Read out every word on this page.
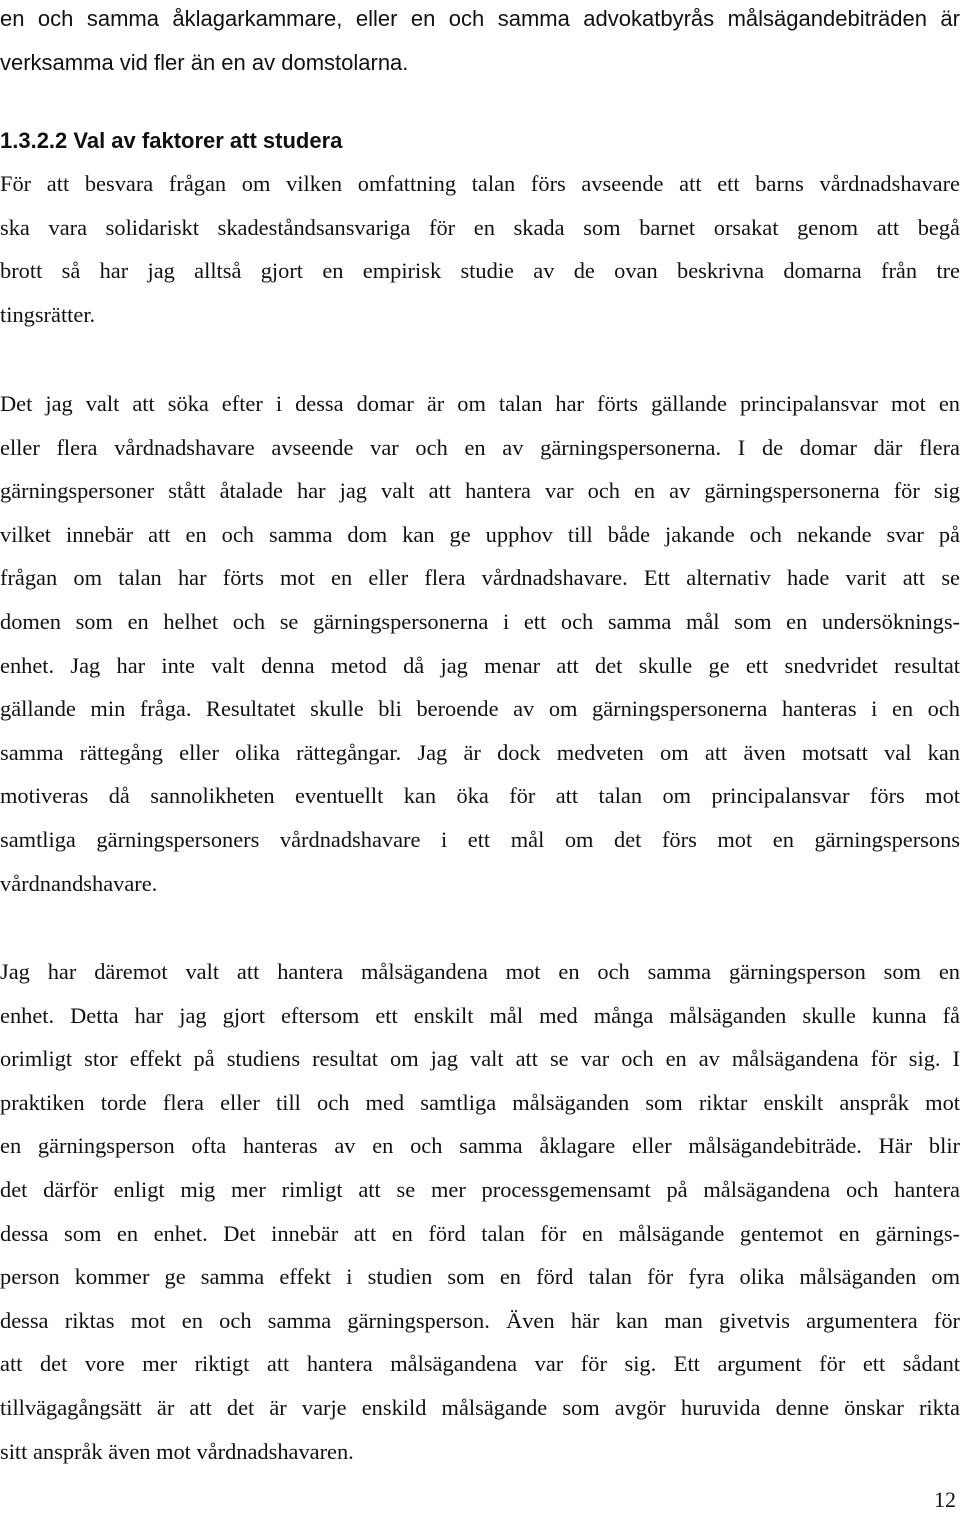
en och samma åklagarkammare, eller en och samma advokatbyrås målsägandebiträden är
verksamma vid fler än en av domstolarna.
1.3.2.2 Val av faktorer att studera
För att besvara frågan om vilken omfattning talan förs avseende att ett barns vårdnadshavare
ska vara solidariskt skadeståndsansvariga för en skada som barnet orsakat genom att begå
brott så har jag alltså gjort en empirisk studie av de ovan beskrivna domarna från tre
tingsrätter.
Det jag valt att söka efter i dessa domar är om talan har förts gällande principalansvar mot en
eller flera vårdnadshavare avseende var och en av gärningspersonerna. I de domar där flera
gärningspersoner stått åtalade har jag valt att hantera var och en av gärningspersonerna för sig
vilket innebär att en och samma dom kan ge upphov till både jakande och nekande svar på
frågan om talan har förts mot en eller flera vårdnadshavare. Ett alternativ hade varit att se
domen som en helhet och se gärningspersonerna i ett och samma mål som en undersöknings-
enhet. Jag har inte valt denna metod då jag menar att det skulle ge ett snedvridet resultat
gällande min fråga. Resultatet skulle bli beroende av om gärningspersonerna hanteras i en och
samma rättegång eller olika rättegångar. Jag är dock medveten om att även motsatt val kan
motiveras då sannolikheten eventuellt kan öka för att talan om principalansvar förs mot
samtliga gärningspersoners vårdnadshavare i ett mål om det förs mot en gärningspersons
vårdnandshavare.
Jag har däremot valt att hantera målsägandena mot en och samma gärningsperson som en
enhet. Detta har jag gjort eftersom ett enskilt mål med många målsäganden skulle kunna få
orimligt stor effekt på studiens resultat om jag valt att se var och en av målsägandena för sig. I
praktiken torde flera eller till och med samtliga målsäganden som riktar enskilt anspråk mot
en gärningsperson ofta hanteras av en och samma åklagare eller målsägandebiträde. Här blir
det därför enligt mig mer rimligt att se mer processgemensamt på målsägandena och hantera
dessa som en enhet. Det innebär att en förd talan för en målsägande gentemot en gärnings-
person kommer ge samma effekt i studien som en förd talan för fyra olika målsäganden om
dessa riktas mot en och samma gärningsperson. Även här kan man givetvis argumentera för
att det vore mer riktigt att hantera målsägandena var för sig. Ett argument för ett sådant
tillvägagångsätt är att det är varje enskild målsägande som avgör huruvida denne önskar rikta
sitt anspråk även mot vårdnadshavaren.
12
